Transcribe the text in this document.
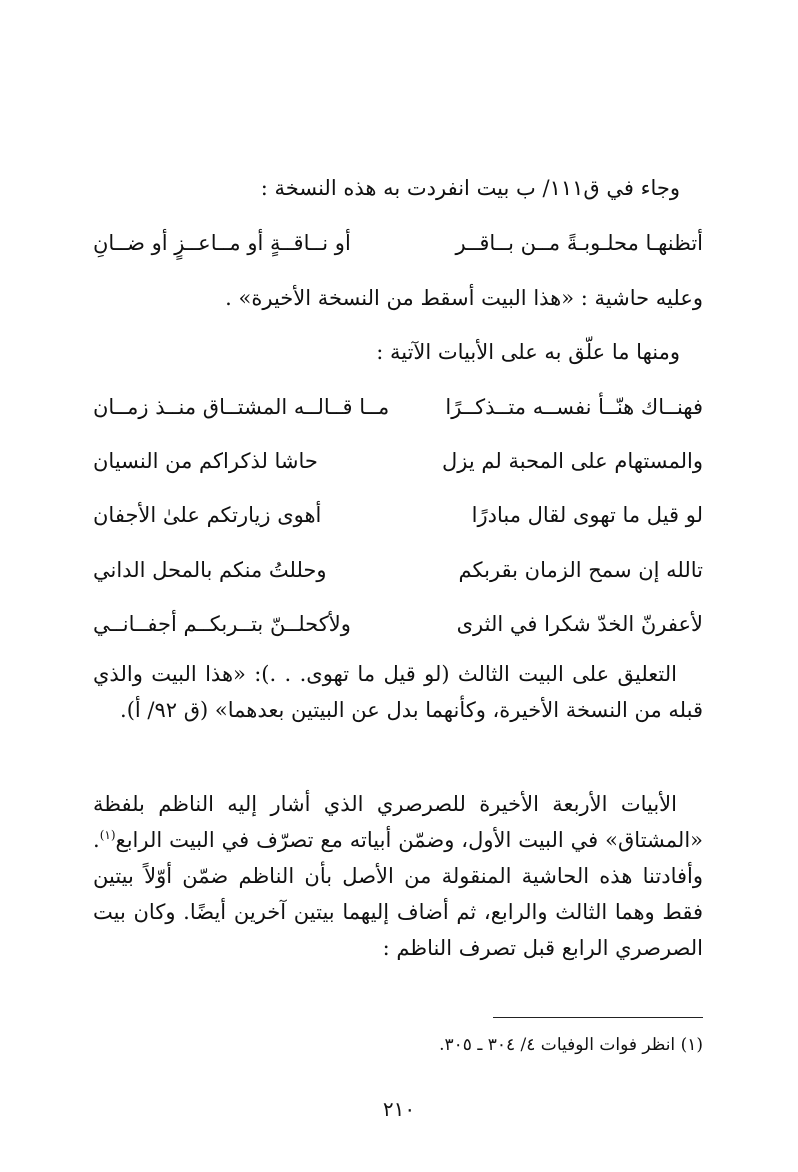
وجاء في ق١١١/ ب بيت انفردت به هذه النسخة :
أتظنهـا محلـوبـةً مــن بــاقــر
أو نــاقــةٍ أو مــاعــزٍ أو ضــانِ
وعليه حاشية : «هذا البيت أسقط من النسخة الأخيرة» .
ومنها ما علّق به على الأبيات الآتية :
فهنــاك هنّــأ نفســه متــذكــرًا
مــا قــالــه المشتــاق منــذ زمــان
والمستهام على المحبة لم يزل
حاشا لذكراكم من النسيان
لو قيل ما تهوى لقال مبادرًا
أهوى زيارتكم علىٰ الأجفان
تالله إن سمح الزمان بقربكم
وحللتُ منكم بالمحل الداني
لأعفرنّ الخدّ شكرا في الثرى
ولأكحلــنّ بتــربكــم أجفــانــي
التعليق على البيت الثالث (لو قيل ما تهوى. . .): «هذا البيت والذي قبله من النسخة الأخيرة، وكأنهما بدل عن البيتين بعدهما» (ق ٩٢/ أ).
الأبيات الأربعة الأخيرة للصرصري الذي أشار إليه الناظم بلفظة «المشتاق» في البيت الأول، وضمّن أبياته مع تصرّف في البيت الرابع$^{(١)}$. وأفادتنا هذه الحاشية المنقولة من الأصل بأن الناظم ضمّن أوّلاً بيتين فقط وهما الثالث والرابع، ثم أضاف إليهما بيتين آخرين أيضًا. وكان بيت الصرصري الرابع قبل تصرف الناظم :
(١) انظر فوات الوفيات ٤/ ٣٠٤ ـ ٣٠٥.
٢١٠
